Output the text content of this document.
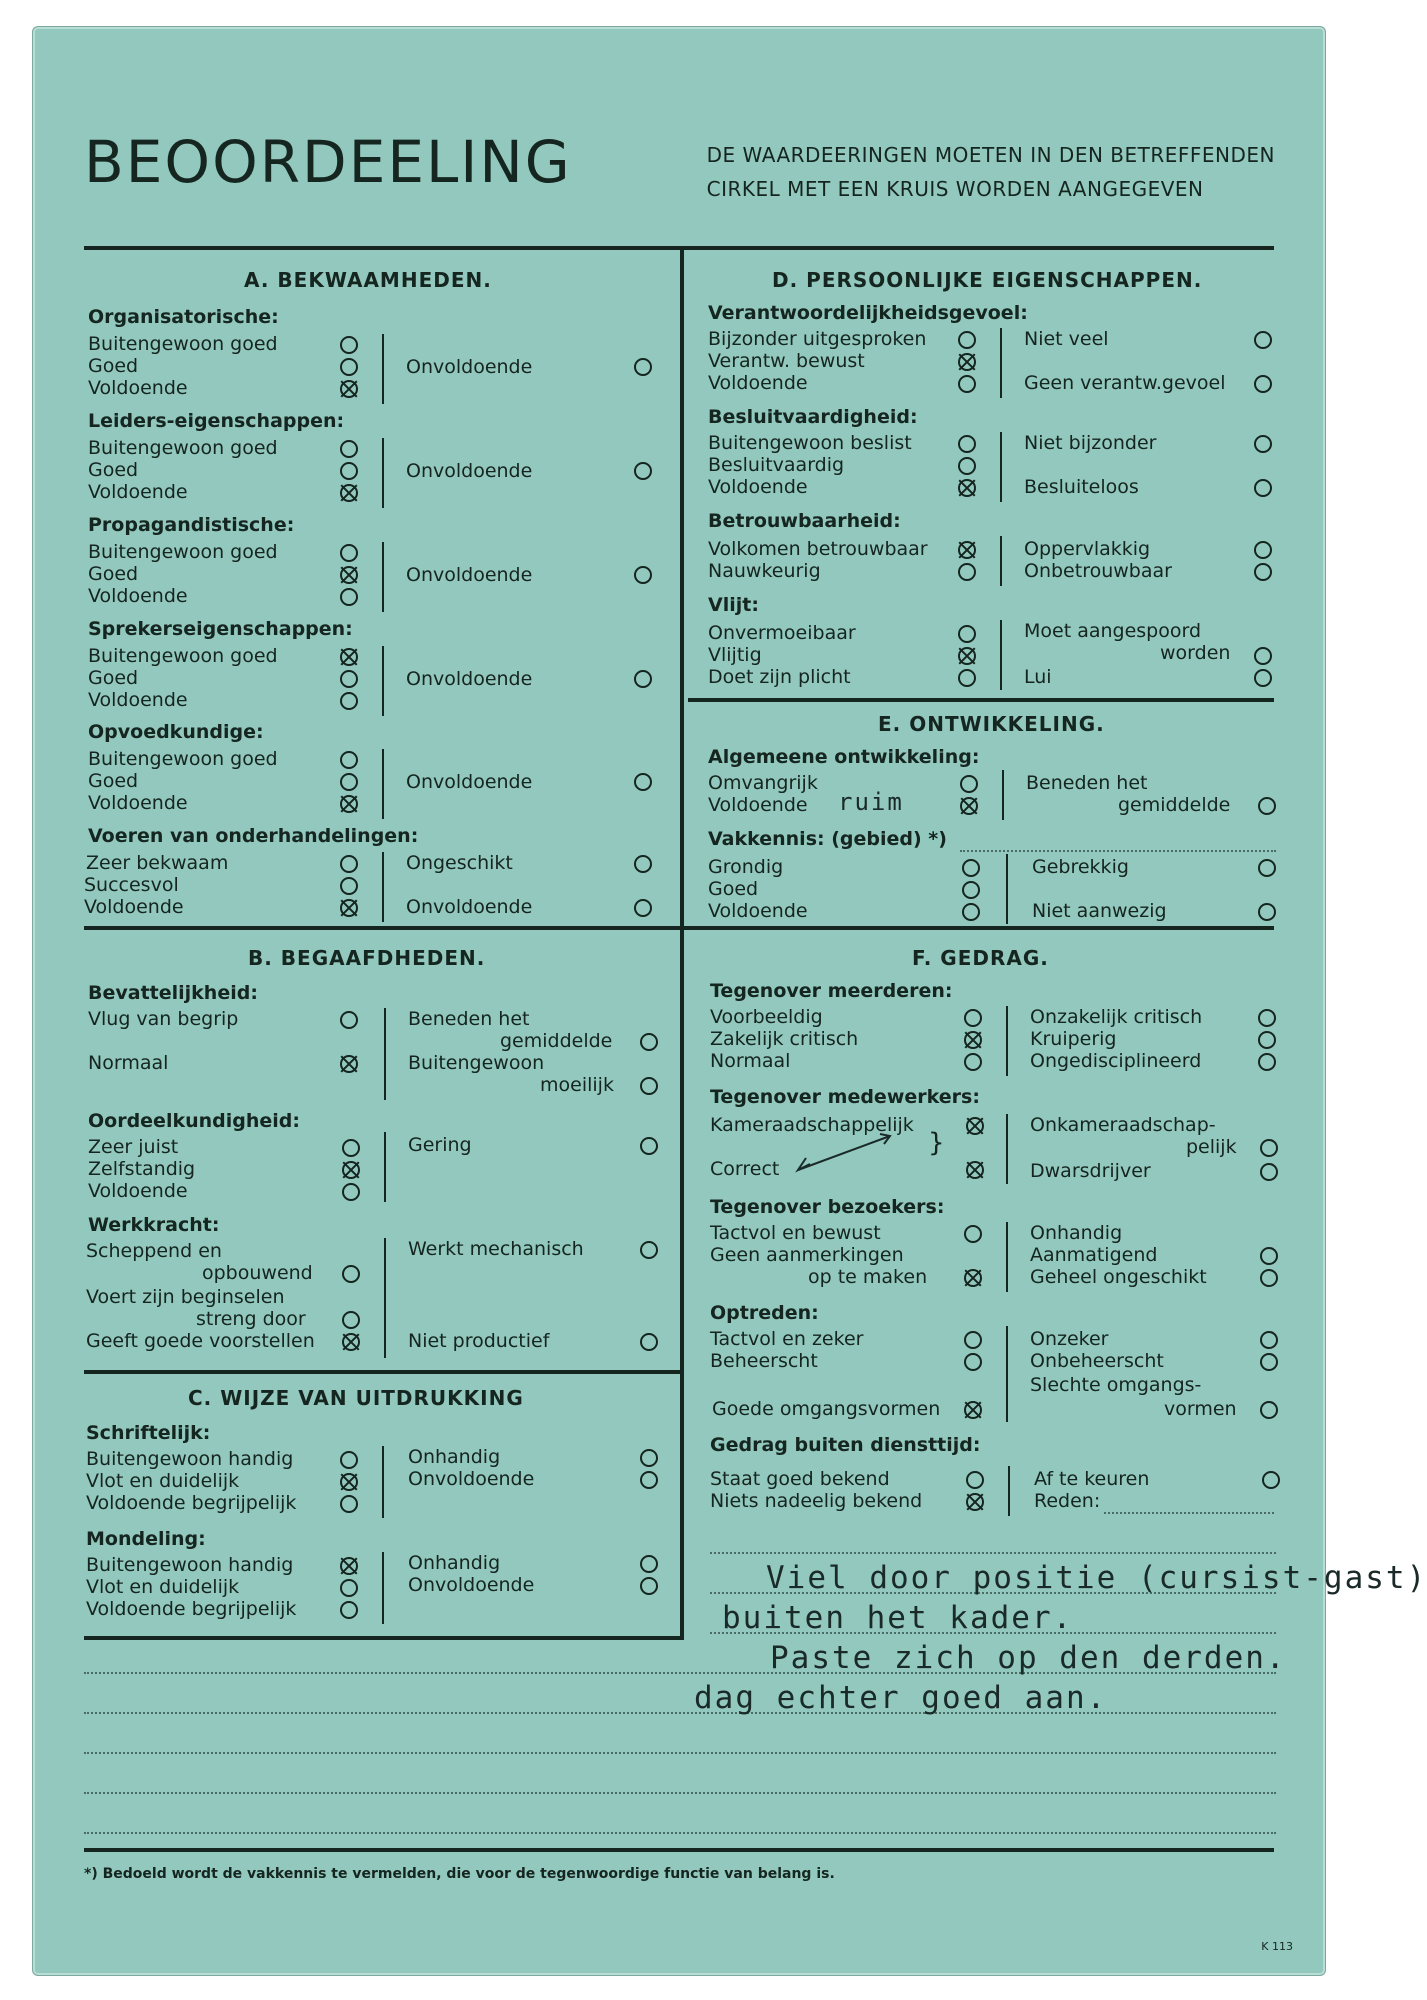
BEOORDEELING	DE WAARDEERINGEN MOETEN IN DEN BETREFFENDEN
CIRKEL MET EEN KRUIS WORDEN AANGEGEVEN
A. BEKWAAMHEDEN.
Organisatorische:
Buitengewoon goed
Goed
Voldoende
Onvoldoende
Leiders-eigenschappen:
Buitengewoon goed
Goed
Voldoende
Onvoldoende
Propagandistische:
Buitengewoon goed
Goed
Voldoende
Onvoldoende
Sprekerseigenschappen:
Buitengewoon goed
Goed
Voldoende
Onvoldoende
Opvoedkundige:
Buitengewoon goed
Goed
Voldoende
Onvoldoende
Voeren van onderhandelingen:
Zeer bekwaam
Succesvol
Voldoende
Ongeschikt
Onvoldoende
B. BEGAAFDHEDEN.
Bevattelijkheid:
Vlug van begrip
Normaal
Beneden het
gemiddelde
Buitengewoon
moeilijk
Oordeelkundigheid:
Zeer juist
Zelfstandig
Voldoende
Gering
Werkkracht:
Scheppend en
opbouwend
Voert zijn beginselen
streng door
Geeft goede voorstellen
Werkt mechanisch
Niet productief
C. WIJZE VAN UITDRUKKING
Schriftelijk:
Buitengewoon handig
Vlot en duidelijk
Voldoende begrijpelijk
Onhandig
Onvoldoende
Mondeling:
Buitengewoon handig
Vlot en duidelijk
Voldoende begrijpelijk
Onhandig
Onvoldoende
D. PERSOONLIJKE EIGENSCHAPPEN.
Verantwoordelijkheidsgevoel:
Bijzonder uitgesproken
Verantw. bewust
Voldoende
Niet veel
Geen verantw.gevoel
Besluitvaardigheid:
Buitengewoon beslist
Besluitvaardig
Voldoende
Niet bijzonder
Besluiteloos
Betrouwbaarheid:
Volkomen betrouwbaar
Nauwkeurig
Oppervlakkig
Onbetrouwbaar
Vlijt:
Onvermoeibaar
Vlijtig
Doet zijn plicht
Moet aangespoord
worden
Lui
E. ONTWIKKELING.
Algemeene ontwikkeling:
Omvangrijk
Voldoende ruim
Beneden het
gemiddelde
Vakkennis: (gebied) *)
Grondig
Goed
Voldoende
Gebrekkig
Niet aanwezig
F. GEDRAG.
Tegenover meerderen:
Voorbeeldig
Zakelijk critisch
Normaal
Onzakelijk critisch
Kruiperig
Ongedisciplineerd
Tegenover medewerkers:
Kameraadschappelijk
Correct
}
Onkameraadschap-
pelijk
Dwarsdrijver
Tegenover bezoekers:
Tactvol en bewust
Geen aanmerkingen
op te maken
Onhandig
Aanmatigend
Geheel ongeschikt
Optreden:
Tactvol en zeker
Beheerscht
Goede omgangsvormen
Onzeker
Onbeheerscht
Slechte omgangs-
vormen
Gedrag buiten diensttijd:
Staat goed bekend
Niets nadeelig bekend
Af te keuren
Reden:
Viel door positie (cursist-gast)
buiten het kader.
Paste zich op den derden.
dag echter goed aan.
*) Bedoeld wordt de vakkennis te vermelden, die voor de tegenwoordige functie van belang is.
K 113
